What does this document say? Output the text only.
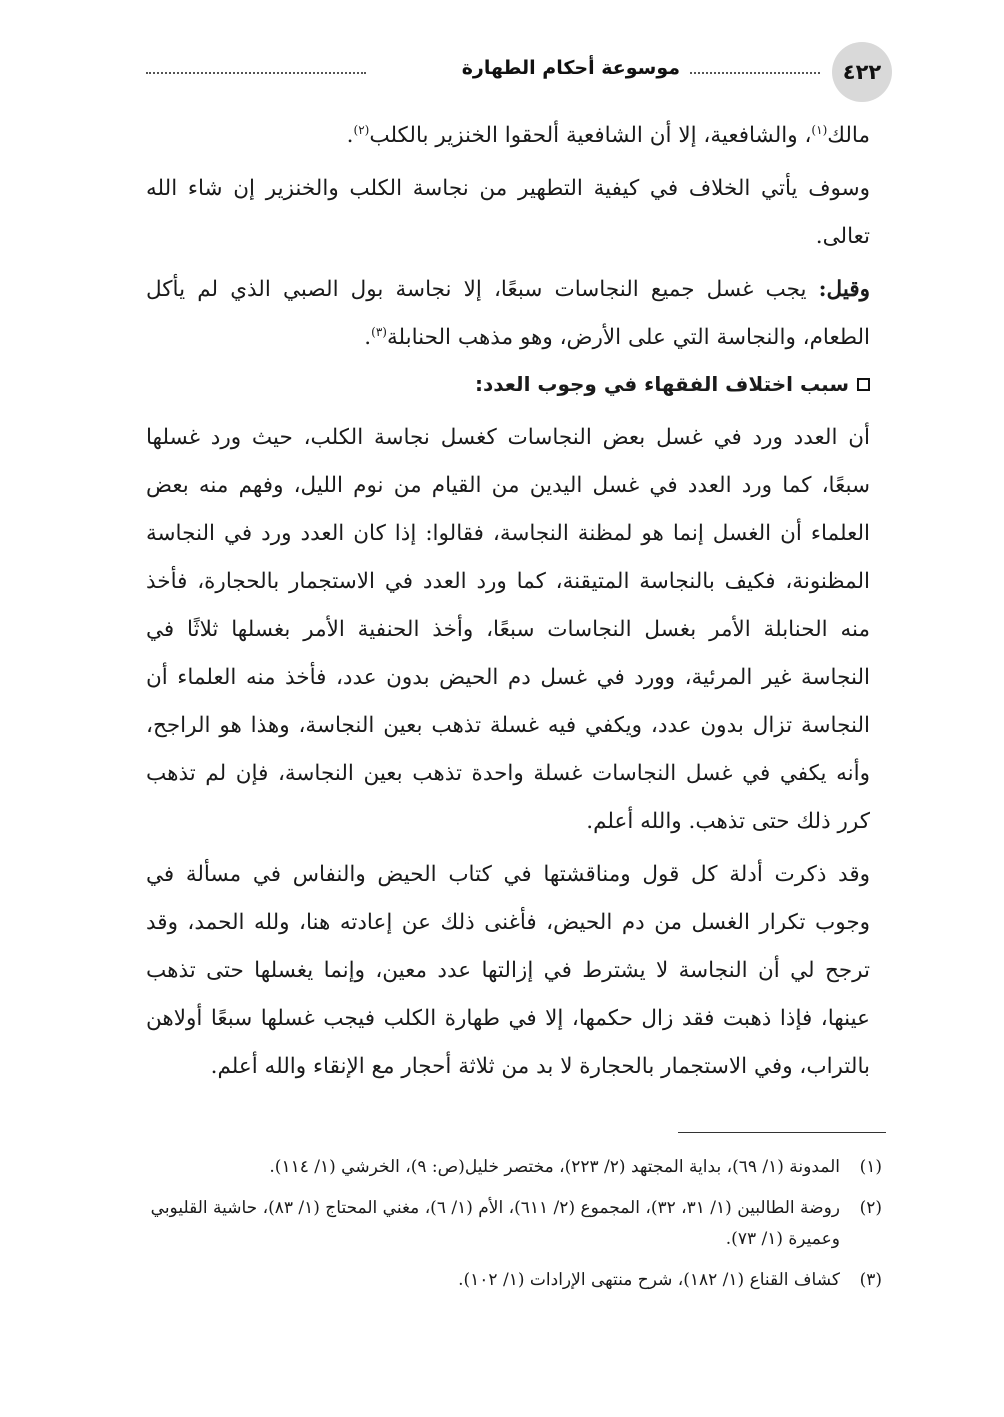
٤٢٢
موسوعة أحكام الطهارة

مالك$^{(١)}$، والشافعية، إلا أن الشافعية ألحقوا الخنزير بالكلب$^{(٢)}$.

وسوف يأتي الخلاف في كيفية التطهير من نجاسة الكلب والخنزير إن شاء الله تعالى.

وقيل: يجب غسل جميع النجاسات سبعًا، إلا نجاسة بول الصبي الذي لم يأكل الطعام، والنجاسة التي على الأرض، وهو مذهب الحنابلة$^{(٣)}$.

سبب اختلاف الفقهاء في وجوب العدد:

أن العدد ورد في غسل بعض النجاسات كغسل نجاسة الكلب، حيث ورد غسلها سبعًا، كما ورد العدد في غسل اليدين من القيام من نوم الليل، وفهم منه بعض العلماء أن الغسل إنما هو لمظنة النجاسة، فقالوا: إذا كان العدد ورد في النجاسة المظنونة، فكيف بالنجاسة المتيقنة، كما ورد العدد في الاستجمار بالحجارة، فأخذ منه الحنابلة الأمر بغسل النجاسات سبعًا، وأخذ الحنفية الأمر بغسلها ثلاثًا في النجاسة غير المرئية، وورد في غسل دم الحيض بدون عدد، فأخذ منه العلماء أن النجاسة تزال بدون عدد، ويكفي فيه غسلة تذهب بعين النجاسة، وهذا هو الراجح، وأنه يكفي في غسل النجاسات غسلة واحدة تذهب بعين النجاسة، فإن لم تذهب كرر ذلك حتى تذهب. والله أعلم.

وقد ذكرت أدلة كل قول ومناقشتها في كتاب الحيض والنفاس في مسألة في وجوب تكرار الغسل من دم الحيض، فأغنى ذلك عن إعادته هنا، ولله الحمد، وقد ترجح لي أن النجاسة لا يشترط في إزالتها عدد معين، وإنما يغسلها حتى تذهب عينها، فإذا ذهبت فقد زال حكمها، إلا في طهارة الكلب فيجب غسلها سبعًا أولاهن بالتراب، وفي الاستجمار بالحجارة لا بد من ثلاثة أحجار مع الإنقاء والله أعلم.

(١)
المدونة (١/ ٦٩)، بداية المجتهد (٢/ ٢٢٣)، مختصر خليل(ص: ٩)، الخرشي (١/ ١١٤).
(٢)
روضة الطالبين (١/ ٣١، ٣٢)، المجموع (٢/ ٦١١)، الأم (١/ ٦)، مغني المحتاج (١/ ٨٣)، حاشية القليوبي وعميرة (١/ ٧٣).
(٣)
كشاف القناع (١/ ١٨٢)، شرح منتهى الإرادات (١/ ١٠٢).
